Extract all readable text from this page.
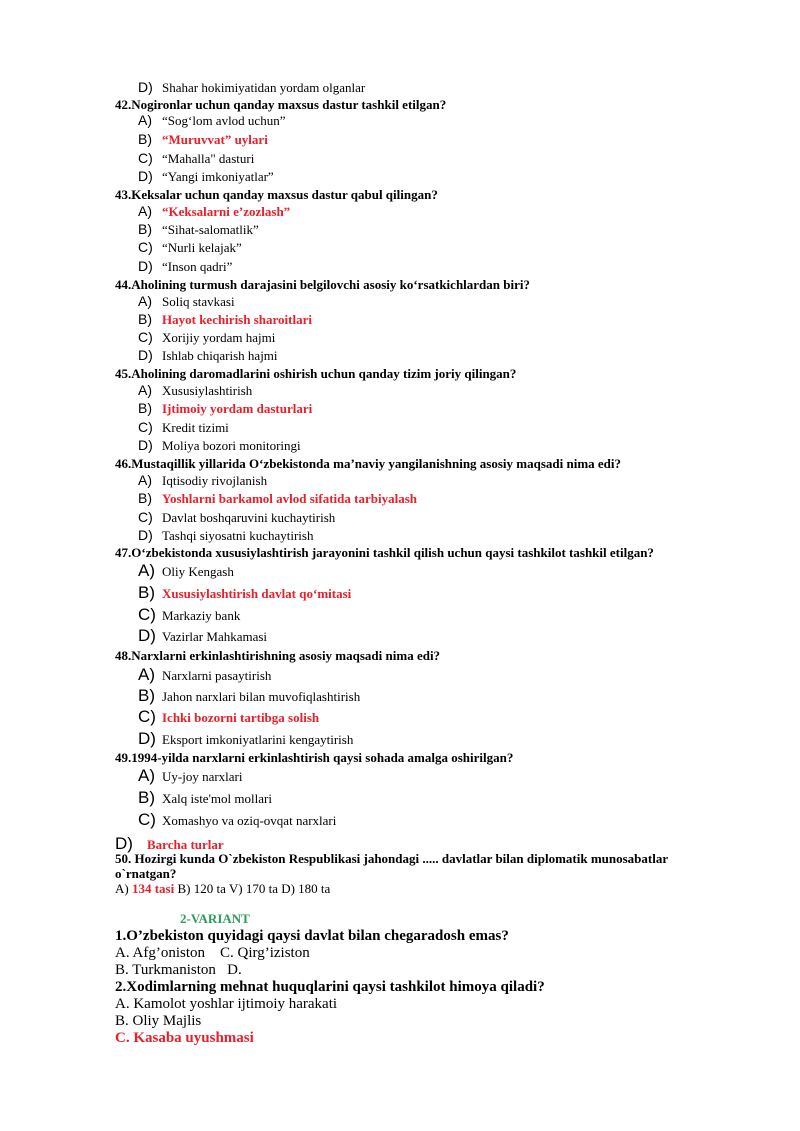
D) Shahar hokimiyatidan yordam olganlar
42.Nogironlar uchun qanday maxsus dastur tashkil etilgan?
A) “Sog‘lom avlod uchun”
B) “Muruvvat” uylari
C) “Mahalla" dasturi
D) “Yangi imkoniyatlar”
43.Keksalar uchun qanday maxsus dastur qabul qilingan?
A) “Keksalarni e’zozlash”
B) “Sihat-salomatlik”
C) “Nurli kelajak”
D) “Inson qadri”
44.Aholining turmush darajasini belgilovchi asosiy ko‘rsatkichlardan biri?
A) Soliq stavkasi
B) Hayot kechirish sharoitlari
C) Xorijiy yordam hajmi
D) Ishlab chiqarish hajmi
45.Aholining daromadlarini oshirish uchun qanday tizim joriy qilingan?
A) Xususiylashtirish
B) Ijtimoiy yordam dasturlari
C) Kredit tizimi
D) Moliya bozori monitoringi
46.Mustaqillik yillarida O‘zbekistonda ma’naviy yangilanishning asosiy maqsadi nima edi?
A) Iqtisodiy rivojlanish
B) Yoshlarni barkamol avlod sifatida tarbiyalash
C) Davlat boshqaruvini kuchaytirish
D) Tashqi siyosatni kuchaytirish
47.O‘zbekistonda xususiylashtirish jarayonini tashkil qilish uchun qaysi tashkilot tashkil etilgan?
A) Oliy Kengash
B) Xususiylashtirish davlat qo‘mitasi
C) Markaziy bank
D) Vazirlar Mahkamasi
48.Narxlarni erkinlashtirishning asosiy maqsadi nima edi?
A) Narxlarni pasaytirish
B) Jahon narxlari bilan muvofiqlashtirish
C) Ichki bozorni tartibga solish
D) Eksport imkoniyatlarini kengaytirish
49.1994-yilda narxlarni erkinlashtirish qaysi sohada amalga oshirilgan?
A) Uy-joy narxlari
B) Xalq iste'mol mollari
C) Xomashyo va oziq-ovqat narxlari
D) Barcha turlar
50. Hozirgi kunda O`zbekiston Respublikasi jahondagi ..... davlatlar bilan diplomatik munosabatlar
o`rnatgan?
A) 134 tasi B) 120 ta V) 170 ta D) 180 ta
2-VARIANT
1.O’zbekiston quyidagi qaysi davlat bilan chegaradosh emas?
A. Afg’oniston    C. Qirg’iziston
B. Turkmaniston   D.
2.Xodimlarning mehnat huquqlarini qaysi tashkilot himoya qiladi?
A. Kamolot yoshlar ijtimoiy harakati
B. Oliy Majlis
C. Kasaba uyushmasi
